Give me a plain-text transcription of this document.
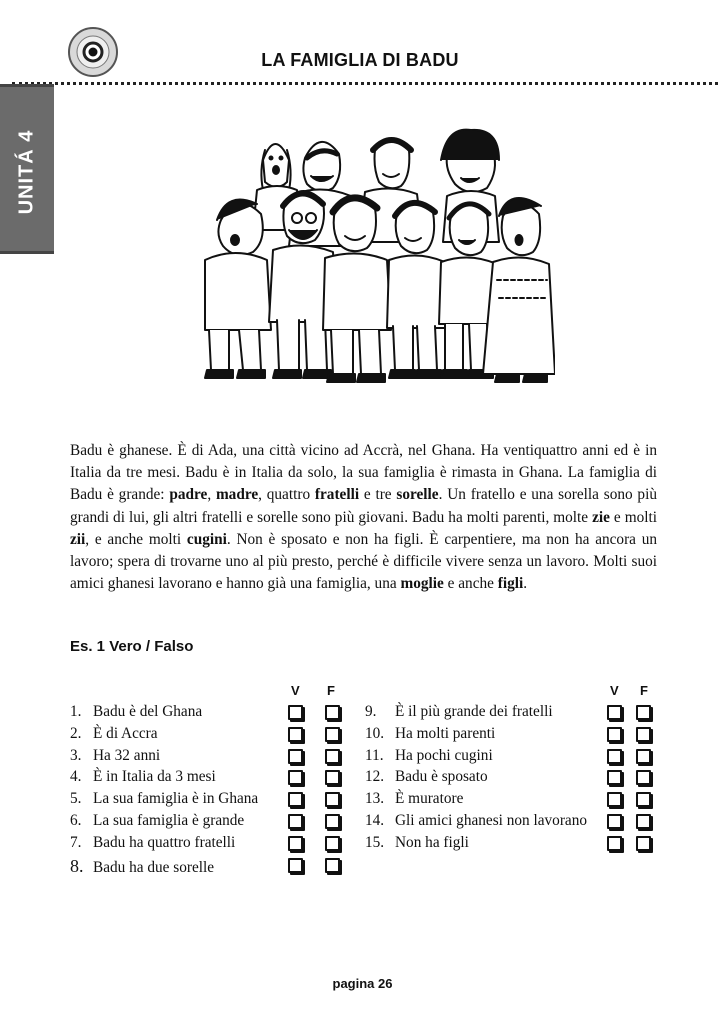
LA FAMIGLIA DI BADU
UNITÁ 4
Badu è ghanese. È di Ada, una città vicino ad Accrà, nel Ghana. Ha ventiquattro anni ed è in Italia da tre mesi. Badu è in Italia da solo, la sua famiglia è rimasta in Ghana. La famiglia di Badu è grande: padre, madre, quattro fratelli e tre sorelle. Un fratello e una sorella sono più grandi di lui, gli altri fratelli e sorelle sono più giovani. Badu ha molti parenti, molte zie e molti zii, e anche molti cugini. Non è sposato e non ha figli. È carpentiere, ma non ha ancora un lavoro; spera di trovarne uno al più presto, perché è difficile vivere senza un lavoro. Molti suoi amici ghanesi lavorano e hanno già una famiglia, una moglie e anche figli.
Es. 1 Vero / Falso
V F	V F
1. Badu è del Ghana
2. È di Accra
3. Ha 32 anni
4. È in Italia da 3 mesi
5. La sua famiglia è in Ghana
6. La sua famiglia è grande
7. Badu ha quattro fratelli
8. Badu ha due sorelle
9. È il più grande dei fratelli
10. Ha molti parenti
11. Ha pochi cugini
12. Badu è sposato
13. È muratore
14. Gli amici ghanesi non lavorano
15. Non ha figli
pagina 26
